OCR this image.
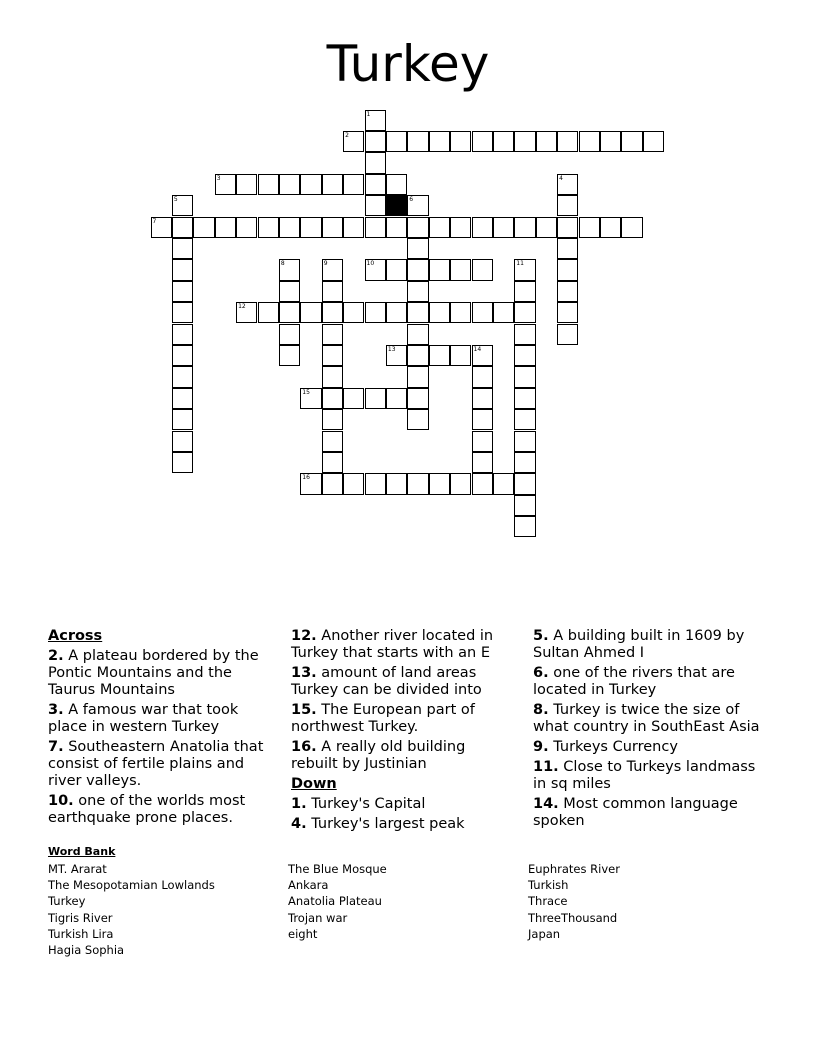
Turkey
1
2
3	4
5	6
7
8	9	10	11
12
13	14
15
16
Across
2. A plateau bordered by the Pontic Mountains and the Taurus Mountains
3. A famous war that took place in western Turkey
7. Southeastern Anatolia that consist of fertile plains and river valleys.
10. one of the worlds most earthquake prone places.
12. Another river located in Turkey that starts with an E
13. amount of land areas Turkey can be divided into
15. The European part of northwest Turkey.
16. A really old building rebuilt by Justinian
Down
1. Turkey's Capital
4. Turkey's largest peak
5. A building built in 1609 by Sultan Ahmed I
6. one of the rivers that are located in Turkey
8. Turkey is twice the size of what country in SouthEast Asia
9. Turkeys Currency
11. Close to Turkeys landmass in sq miles
14. Most common language spoken
Word Bank
MT. Ararat
The Mesopotamian Lowlands
Turkey
Tigris River
Turkish Lira
Hagia Sophia
The Blue Mosque
Ankara
Anatolia Plateau
Trojan war
eight
Euphrates River
Turkish
Thrace
ThreeThousand
Japan
